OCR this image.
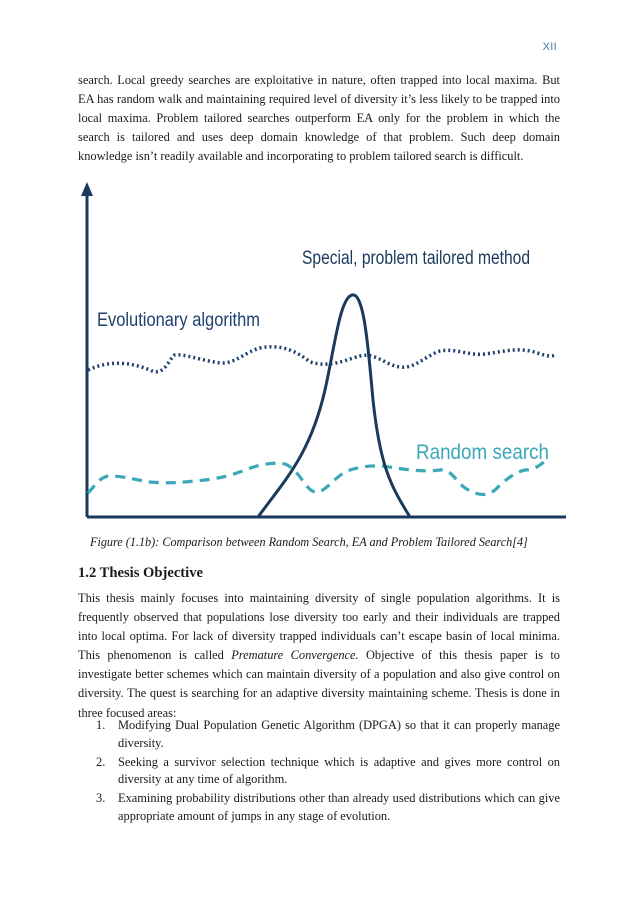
XII

search. Local greedy searches are exploitative in nature, often trapped into local maxima. But EA has random walk and maintaining required level of diversity it’s less likely to be trapped into local maxima. Problem tailored searches outperform EA only for the problem in which the search is tailored and uses deep domain knowledge of that problem. Such deep domain knowledge isn’t readily available and incorporating to problem tailored search is difficult.

Special, problem tailored method
Evolutionary algorithm
Random search
Figure (1.1b): Comparison between Random Search, EA and Problem Tailored Search[4]
1.2 Thesis Objective

This thesis mainly focuses into maintaining diversity of single population algorithms. It is frequently observed that populations lose diversity too early and their individuals are trapped into local optima. For lack of diversity trapped individuals can’t escape basin of local minima. This phenomenon is called Premature Convergence. Objective of this thesis paper is to investigate better schemes which can maintain diversity of a population and also give control on diversity. The quest is searching for an adaptive diversity maintaining scheme. Thesis is done in three focused areas:

1. Modifying Dual Population Genetic Algorithm (DPGA) so that it can properly manage diversity.
2. Seeking a survivor selection technique which is adaptive and gives more control on diversity at any time of algorithm.
3. Examining probability distributions other than already used distributions which can give appropriate amount of jumps in any stage of evolution.
